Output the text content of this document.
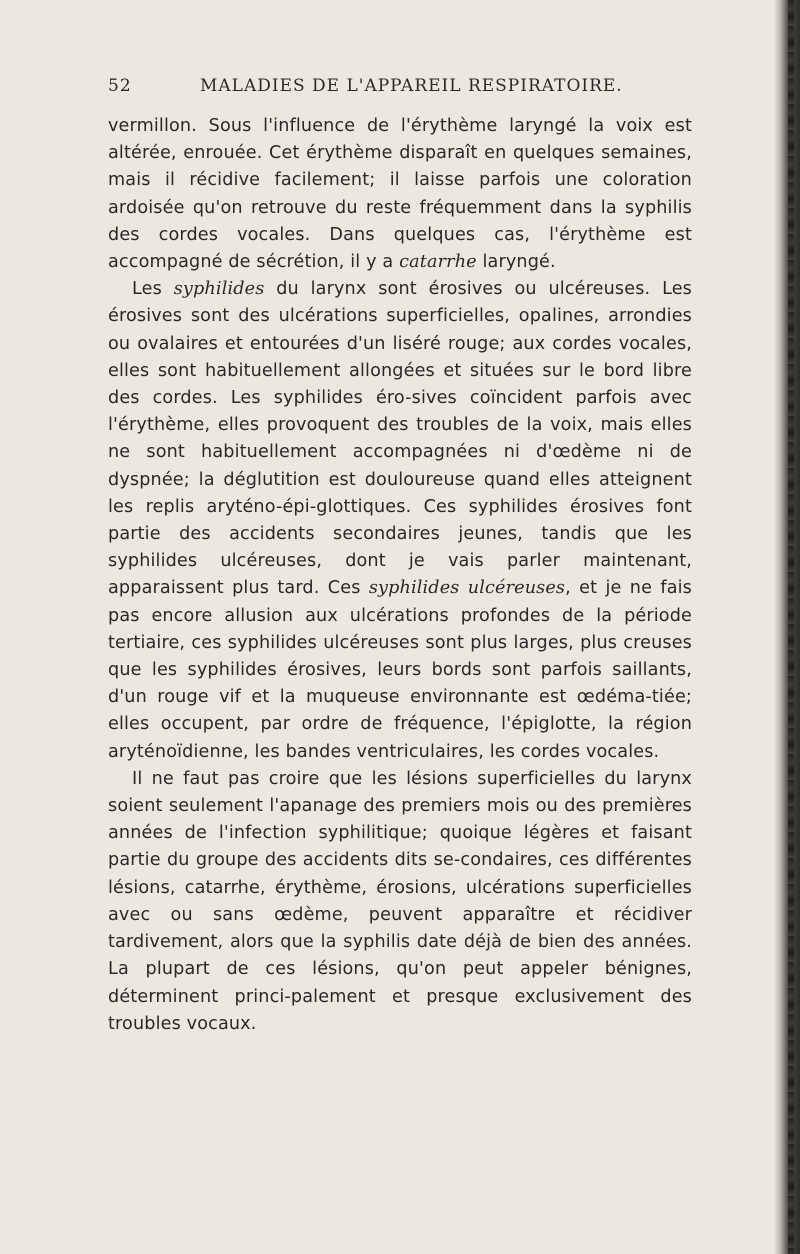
52	MALADIES DE L'APPAREIL RESPIRATOIRE.

vermillon. Sous l'influence de l'érythème laryngé la voix est altérée, enrouée. Cet érythème disparaît en quelques semaines, mais il récidive facilement; il laisse parfois une coloration ardoisée qu'on retrouve du reste fréquemment dans la syphilis des cordes vocales. Dans quelques cas, l'érythème est accompagné de sécrétion, il y a catarrhe laryngé.

Les syphilides du larynx sont érosives ou ulcéreuses. Les érosives sont des ulcérations superficielles, opalines, arrondies ou ovalaires et entourées d'un liséré rouge; aux cordes vocales, elles sont habituellement allongées et situées sur le bord libre des cordes. Les syphilides éro-sives coïncident parfois avec l'érythème, elles provoquent des troubles de la voix, mais elles ne sont habituellement accompagnées ni d'œdème ni de dyspnée; la déglutition est douloureuse quand elles atteignent les replis aryténo-épi-glottiques. Ces syphilides érosives font partie des accidents secondaires jeunes, tandis que les syphilides ulcéreuses, dont je vais parler maintenant, apparaissent plus tard. Ces syphilides ulcéreuses, et je ne fais pas encore allusion aux ulcérations profondes de la période tertiaire, ces syphilides ulcéreuses sont plus larges, plus creuses que les syphilides érosives, leurs bords sont parfois saillants, d'un rouge vif et la muqueuse environnante est œdéma-tiée; elles occupent, par ordre de fréquence, l'épiglotte, la région aryténoïdienne, les bandes ventriculaires, les cordes vocales.

Il ne faut pas croire que les lésions superficielles du larynx soient seulement l'apanage des premiers mois ou des premières années de l'infection syphilitique; quoique légères et faisant partie du groupe des accidents dits se-condaires, ces différentes lésions, catarrhe, érythème, érosions, ulcérations superficielles avec ou sans œdème, peuvent apparaître et récidiver tardivement, alors que la syphilis date déjà de bien des années. La plupart de ces lésions, qu'on peut appeler bénignes, déterminent princi-palement et presque exclusivement des troubles vocaux.
